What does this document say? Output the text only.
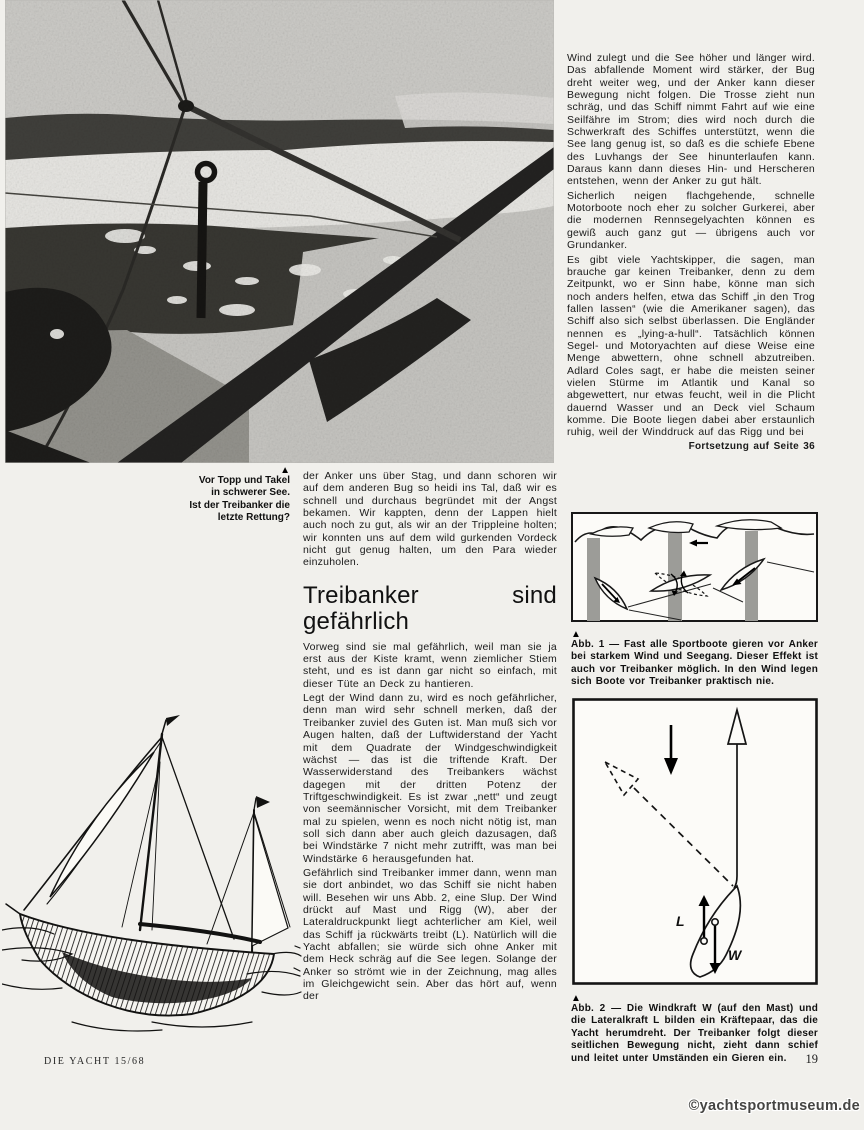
▲
Vor Topp und Takel
in schwerer See.
Ist der Treibanker die
letzte Rettung?

der Anker uns über Stag, und dann schoren wir auf dem anderen Bug so heidi ins Tal, daß wir es schnell und durchaus begründet mit der Angst bekamen. Wir kappten, denn der Lappen hielt auch noch zu gut, als wir an der Trippleine holten; wir konnten uns auf dem wild gurkenden Vordeck nicht gut genug halten, um den Para wieder einzuholen.

Treibanker sind gefährlich

Vorweg sind sie mal gefährlich, weil man sie ja erst aus der Kiste kramt, wenn ziemlicher Stiem steht, und es ist dann gar nicht so einfach, mit dieser Tüte an Deck zu hantieren.

Legt der Wind dann zu, wird es noch gefährlicher, denn man wird sehr schnell merken, daß der Treibanker zuviel des Guten ist. Man muß sich vor Augen halten, daß der Luftwiderstand der Yacht mit dem Quadrate der Windgeschwindigkeit wächst — das ist die triftende Kraft. Der Wasserwiderstand des Treibankers wächst dagegen mit der dritten Potenz der Triftgeschwindigkeit. Es ist zwar „nett“ und zeugt von seemännischer Vorsicht, mit dem Treibanker mal zu spielen, wenn es noch nicht nötig ist, man soll sich dann aber auch gleich dazusagen, daß bei Windstärke 7 nicht mehr zutrifft, was man bei Windstärke 6 herausgefunden hat.

Gefährlich sind Treibanker immer dann, wenn man sie dort anbindet, wo das Schiff sie nicht haben will. Besehen wir uns Abb. 2, eine Slup. Der Wind drückt auf Mast und Rigg (W), aber der Lateraldruckpunkt liegt achterlicher am Kiel, weil das Schiff ja rückwärts treibt (L). Natürlich will die Yacht abfallen; sie würde sich ohne Anker mit dem Heck schräg auf die See legen. Solange der Anker so strömt wie in der Zeichnung, mag alles im Gleichgewicht sein. Aber das hört auf, wenn der

Wind zulegt und die See höher und länger wird. Das abfallende Moment wird stärker, der Bug dreht weiter weg, und der Anker kann dieser Bewegung nicht folgen. Die Trosse zieht nun schräg, und das Schiff nimmt Fahrt auf wie eine Seilfähre im Strom; dies wird noch durch die Schwerkraft des Schiffes unterstützt, wenn die See lang genug ist, so daß es die schiefe Ebene des Luvhangs der See hinunterlaufen kann. Daraus kann dann dieses Hin- und Herscheren entstehen, wenn der Anker zu gut hält.

Sicherlich neigen flachgehende, schnelle Motorboote noch eher zu solcher Gurkerei, aber die modernen Rennsegelyachten können es gewiß auch ganz gut — übrigens auch vor Grundanker.

Es gibt viele Yachtskipper, die sagen, man brauche gar keinen Treibanker, denn zu dem Zeitpunkt, wo er Sinn habe, könne man sich noch anders helfen, etwa das Schiff „in den Trog fallen lassen“ (wie die Amerikaner sagen), das Schiff also sich selbst überlassen. Die Engländer nennen es „lying-a-hull“. Tatsächlich können Segel- und Motoryachten auf diese Weise eine Menge abwettern, ohne schnell abzutreiben. Adlard Coles sagt, er habe die meisten seiner vielen Stürme im Atlantik und Kanal so abgewettert, nur etwas feucht, weil in die Plicht dauernd Wasser und an Deck viel Schaum komme. Die Boote liegen dabei aber erstaunlich ruhig, weil der Winddruck auf das Rigg und bei

Fortsetzung auf Seite 36
▲
Abb. 1 — Fast alle Sportboote gieren vor Anker bei starkem Wind und Seegang. Dieser Effekt ist auch vor Treibanker möglich. In den Wind legen sich Boote vor Treibanker praktisch nie.
L
W
▲
Abb. 2 — Die Windkraft W (auf den Mast) und die Lateralkraft L bilden ein Kräftepaar, das die Yacht herumdreht. Der Treibanker folgt dieser seitlichen Bewegung nicht, zieht dann schief und leitet unter Umständen ein Gieren ein.
DIE YACHT 15/68	19
©yachtsportmuseum.de
